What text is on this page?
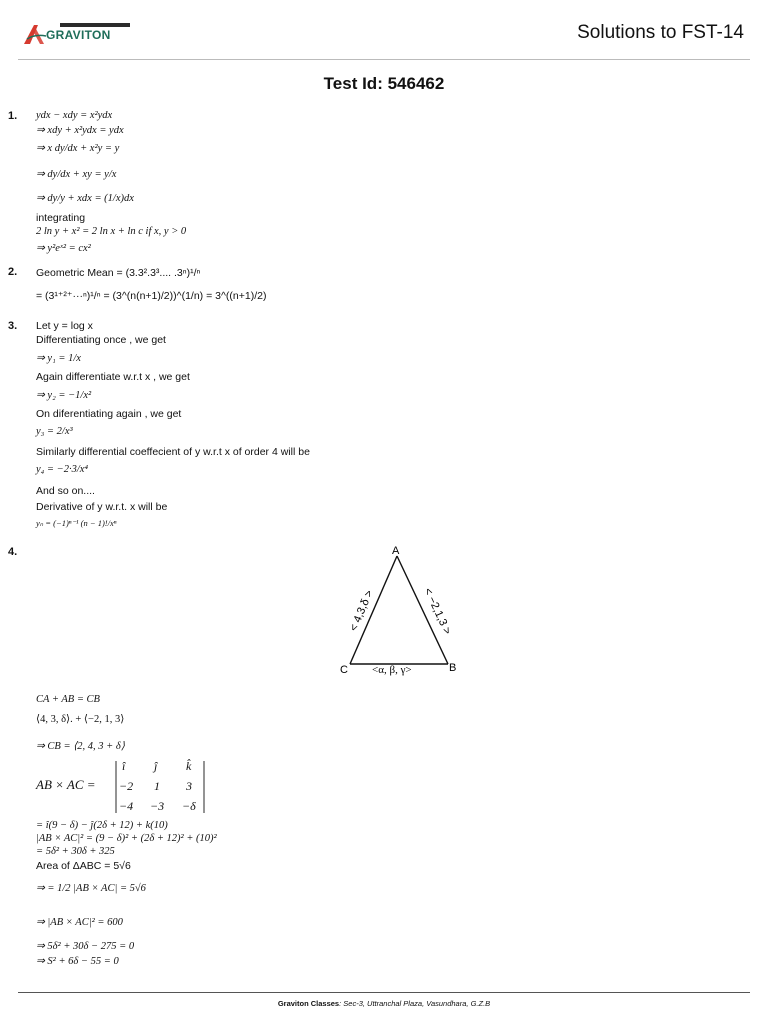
GRAVITON	Solutions to FST-14
Test Id: 546462
1. ydx − xdy = x²ydx
⇒ xdy + x²ydx = ydx
⇒ x dy/dx + x²y = y
⇒ dy/dx + xy = y/x
⇒ dy/y + xdx = (1/x)dx
integrating
2 ln y + x² = 2 ln x + ln c if x, y > 0
⇒ y²eˣ² = cx²
2. Geometric Mean = (3.3².3³.... .3ⁿ)¹/ⁿ
= (3¹⁺²⁺···ⁿ)¹/ⁿ = (3^(n(n+1)/2))^(1/n) = 3^((n+1)/2)
3. Let y = log x
Differentiating once , we get
⇒ y₁ = 1/x
Again differentiate w.r.t x , we get
⇒ y₂ = −1/x²
On diferentiating again , we get
y₃ = 2/x³
Similarly differential coeffecient of y w.r.t x of order 4 will be
y₄ = −2·3/x⁴
And so on....
Derivative of y w.r.t. x will be
yₙ = (−1)ⁿ⁻¹ (n − 1)!/xⁿ
4.	A
C	B
< 4,3,δ >	< −2,1,3 >
<α, β, γ>
CA + AB = CB
⟨4, 3, δ⟩. + ⟨−2, 1, 3⟩
⇒ CB = ⟨2, 4, 3 + δ⟩
AB × AC =
î ĵ k̂
−2 1 3
−4 −3 −δ
= î(9 − δ) − ĵ(2δ + 12) + k(10)
|AB × AC|² = (9 − δ)² + (2δ + 12)² + (10)²
= 5δ² + 30δ + 325
Area of ΔABC = 5√6
⇒ = 1/2 |AB × AC| = 5√6
⇒ |AB × AC|² = 600
⇒ 5δ² + 30δ − 275 = 0
⇒ S² + 6δ − 55 = 0
Graviton Classes: Sec-3, Uttranchal Plaza, Vasundhara, G.Z.B
